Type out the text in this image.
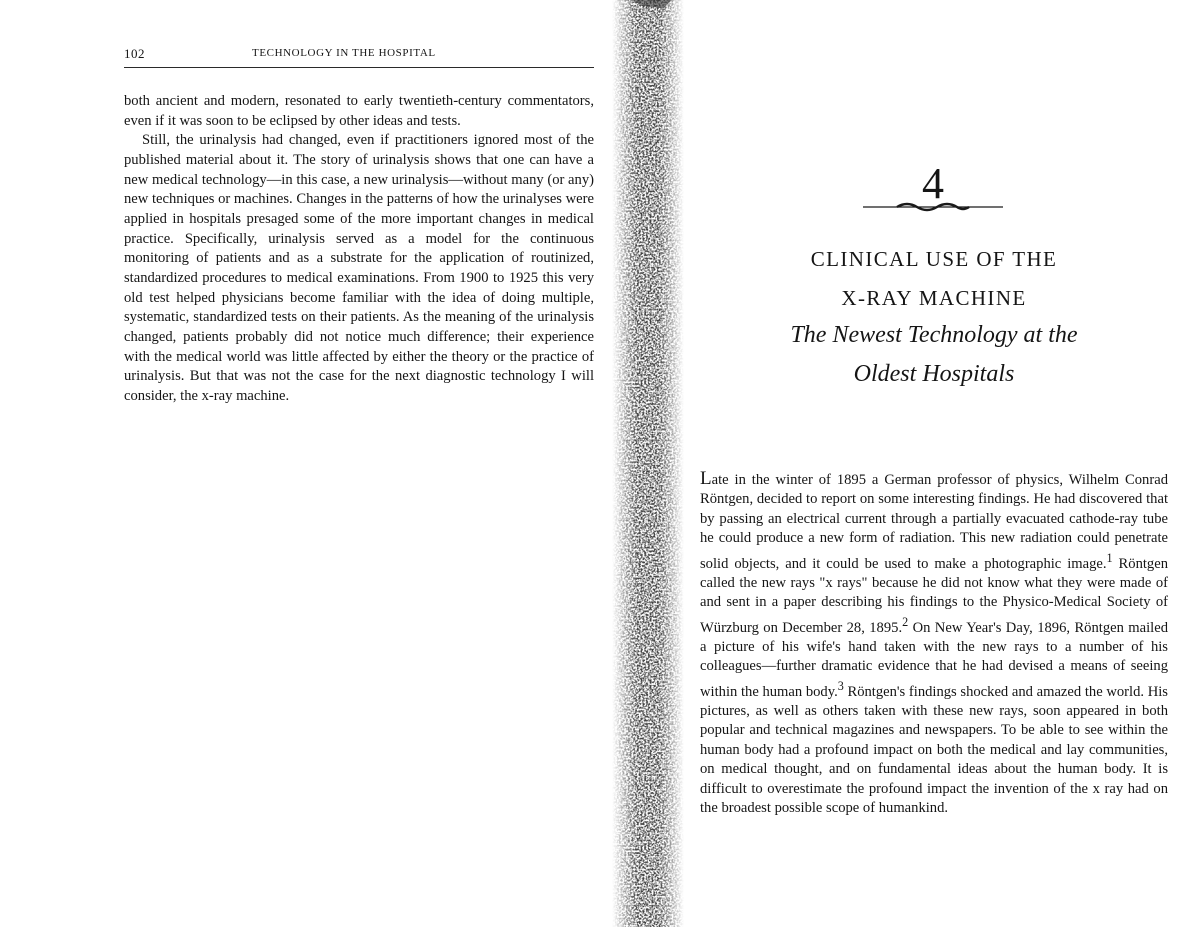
102	TECHNOLOGY IN THE HOSPITAL

both ancient and modern, resonated to early twentieth-century commentators, even if it was soon to be eclipsed by other ideas and tests.

Still, the urinalysis had changed, even if practitioners ignored most of the published material about it. The story of urinalysis shows that one can have a new medical technology—in this case, a new urinalysis—without many (or any) new techniques or machines. Changes in the patterns of how the urinalyses were applied in hospitals presaged some of the more important changes in medical practice. Specifically, urinalysis served as a model for the continuous monitoring of patients and as a substrate for the application of routinized, standardized procedures to medical examinations. From 1900 to 1925 this very old test helped physicians become familiar with the idea of doing multiple, systematic, standardized tests on their patients. As the meaning of the urinalysis changed, patients probably did not notice much difference; their experience with the medical world was little affected by either the theory or the practice of urinalysis. But that was not the case for the next diagnostic technology I will consider, the x-ray machine.

4
CLINICAL USE OF THE
X-RAY MACHINE
The Newest Technology at the
Oldest Hospitals

Late in the winter of 1895 a German professor of physics, Wilhelm Conrad Röntgen, decided to report on some interesting findings. He had discovered that by passing an electrical current through a partially evacuated cathode-ray tube he could produce a new form of radiation. This new radiation could penetrate solid objects, and it could be used to make a photographic image.$^1$ Röntgen called the new rays "x rays" because he did not know what they were made of and sent in a paper describing his findings to the Physico-Medical Society of Würzburg on December 28, 1895.$^2$ On New Year's Day, 1896, Röntgen mailed a picture of his wife's hand taken with the new rays to a number of his colleagues—further dramatic evidence that he had devised a means of seeing within the human body.$^3$ Röntgen's findings shocked and amazed the world. His pictures, as well as others taken with these new rays, soon appeared in both popular and technical magazines and newspapers. To be able to see within the human body had a profound impact on both the medical and lay communities, on medical thought, and on fundamental ideas about the human body. It is difficult to overestimate the profound impact the invention of the x ray had on the broadest possible scope of humankind.
